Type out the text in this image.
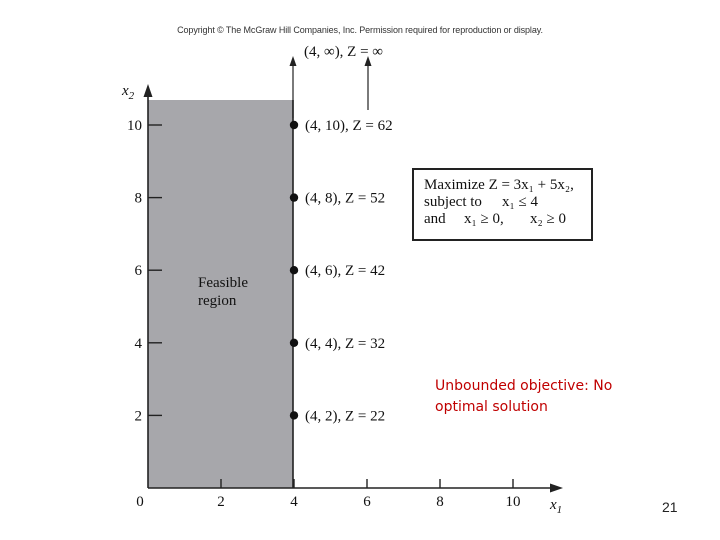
Copyright © The McGraw Hill Companies, Inc. Permission required for reproduction or display.
Feasible
region
$x_2$
$x_1$
0	2	4	6	8	10
2
4
6
8
10	(4, 10), Z = 62
(4, 8), Z = 52
(4, 6), Z = 42
(4, 4), Z = 32
(4, 2), Z = 22
(4, ∞), Z = ∞
Maximize Z = 3x₁ + 5x₂,
subject to x₁ ≤ 4
and x₁ ≥ 0, x₂ ≥ 0
Unbounded objective: No optimal solution
21
